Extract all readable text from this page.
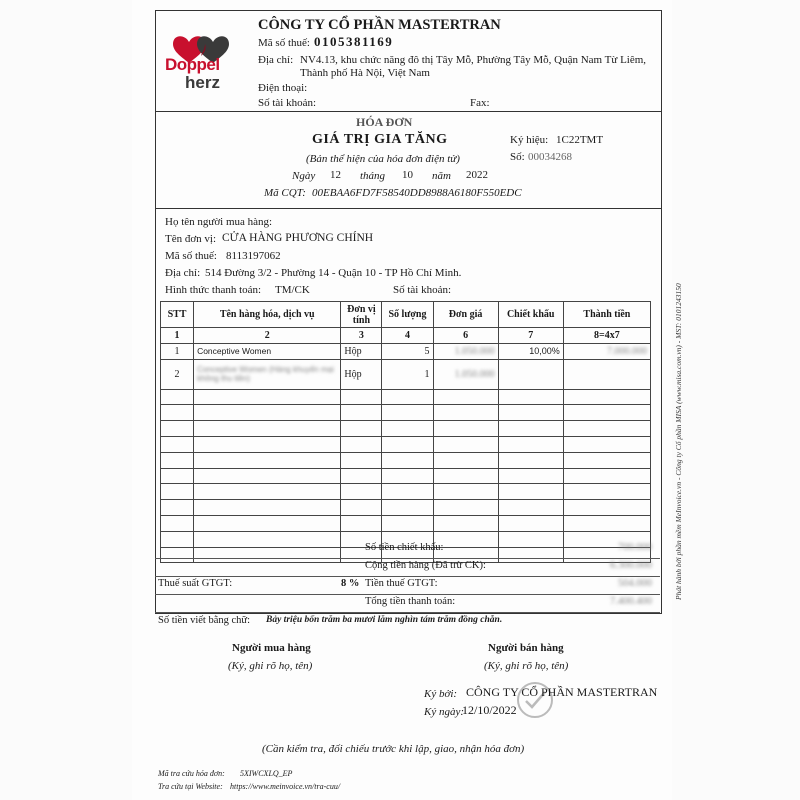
Doppel
herz
CÔNG TY CỔ PHẦN MASTERTRAN
Mã số thuế: 0105381169
Địa chỉ: NV4.13, khu chức năng đô thị Tây Mỗ, Phường Tây Mỗ, Quận Nam Từ Liêm,
Thành phố Hà Nội, Việt Nam
Điện thoại:
Số tài khoản:	Fax:
HÓA ĐƠN
GIÁ TRỊ GIA TĂNG
(Bản thể hiện của hóa đơn điện tử)
Ngày 12 tháng 10 năm 2022
Mã CQT: 00EBAA6FD7F58540DD8988A6180F550EDC
Ký hiệu: 1C22TMT
Số: 00034268
Họ tên người mua hàng:
Tên đơn vị: CỬA HÀNG PHƯƠNG CHÍNH
Mã số thuế: 8113197062
Địa chỉ: 514 Đường 3/2 - Phường 14 - Quận 10 - TP Hồ Chí Minh.
Hình thức thanh toán: TM/CK	Số tài khoản:
STT	Tên hàng hóa, dịch vụ	Đơn vị tính	Số lượng	Đơn giá	Chiết khấu	Thành tiền
1	2	3	4	6	7	8=4x7
1	Conceptive Women	Hộp	5	1.050.000	10,00%	7.000.000
2	Conceptive Women (Hàng khuyến mại không thu tiền)	Hộp	1	1.050.000		

Số tiền chiết khấu:	700.000
Cộng tiền hàng (Đã trừ CK):	6.300.000
Thuế suất GTGT:	8 % Tiền thuế GTGT:	504.000
Tổng tiền thanh toán:	7.400.400
Số tiền viết bằng chữ: Bảy triệu bốn trăm ba mươi lăm nghìn tám trăm đồng chẵn.
Người mua hàng
(Ký, ghi rõ họ, tên)
Người bán hàng
(Ký, ghi rõ họ, tên)
Ký bởi: CÔNG TY CỔ PHẦN MASTERTRAN
Ký ngày:
12/10/2022
(Cần kiểm tra, đối chiếu trước khi lập, giao, nhận hóa đơn)
Mã tra cứu hóa đơn: 5XIWCXLQ_EP
Tra cứu tại Website: https://www.meinvoice.vn/tra-cuu/
Phát hành bởi phần mềm MeInvoice.vn - Công ty Cổ phần MISA (www.misa.com.vn) - MST: 0101243150
